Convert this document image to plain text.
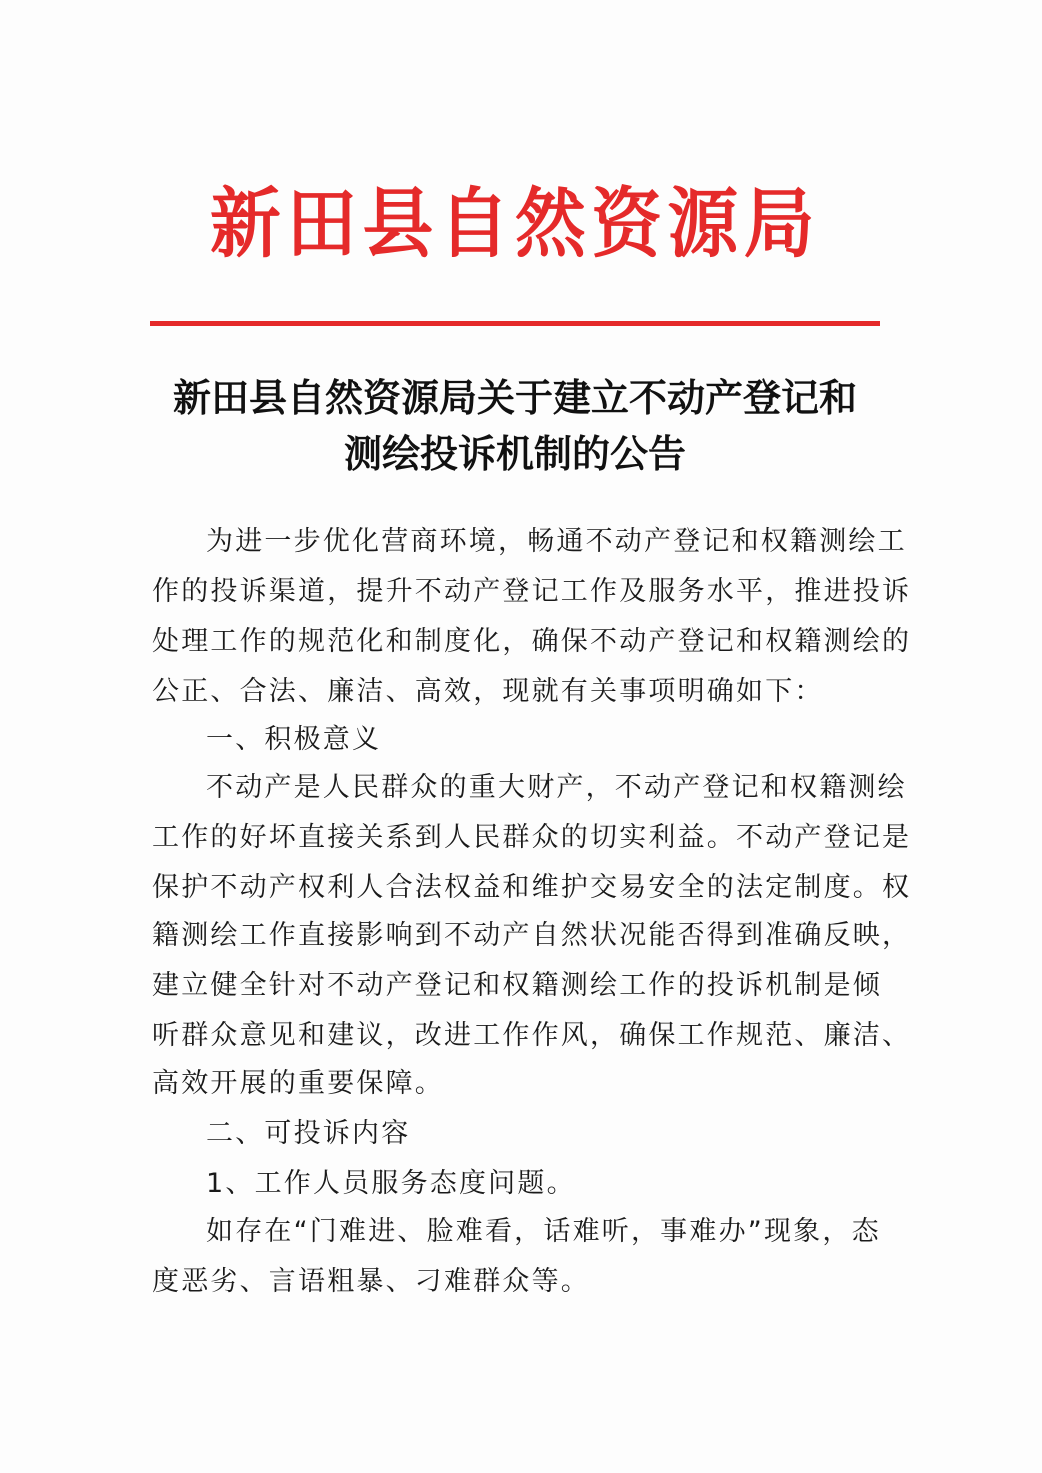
新田县自然资源局
新田县自然资源局关于建立不动产登记和
测绘投诉机制的公告
为进一步优化营商环境，畅通不动产登记和权籍测绘工
作的投诉渠道，提升不动产登记工作及服务水平，推进投诉
处理工作的规范化和制度化，确保不动产登记和权籍测绘的
公正、合法、廉洁、高效，现就有关事项明确如下：
一、积极意义
不动产是人民群众的重大财产，不动产登记和权籍测绘
工作的好坏直接关系到人民群众的切实利益。不动产登记是
保护不动产权利人合法权益和维护交易安全的法定制度。权
籍测绘工作直接影响到不动产自然状况能否得到准确反映，
建立健全针对不动产登记和权籍测绘工作的投诉机制是倾
听群众意见和建议，改进工作作风，确保工作规范、廉洁、
高效开展的重要保障。
二、可投诉内容
1、工作人员服务态度问题。
如存在“门难进、脸难看，话难听，事难办”现象，态
度恶劣、言语粗暴、刁难群众等。
